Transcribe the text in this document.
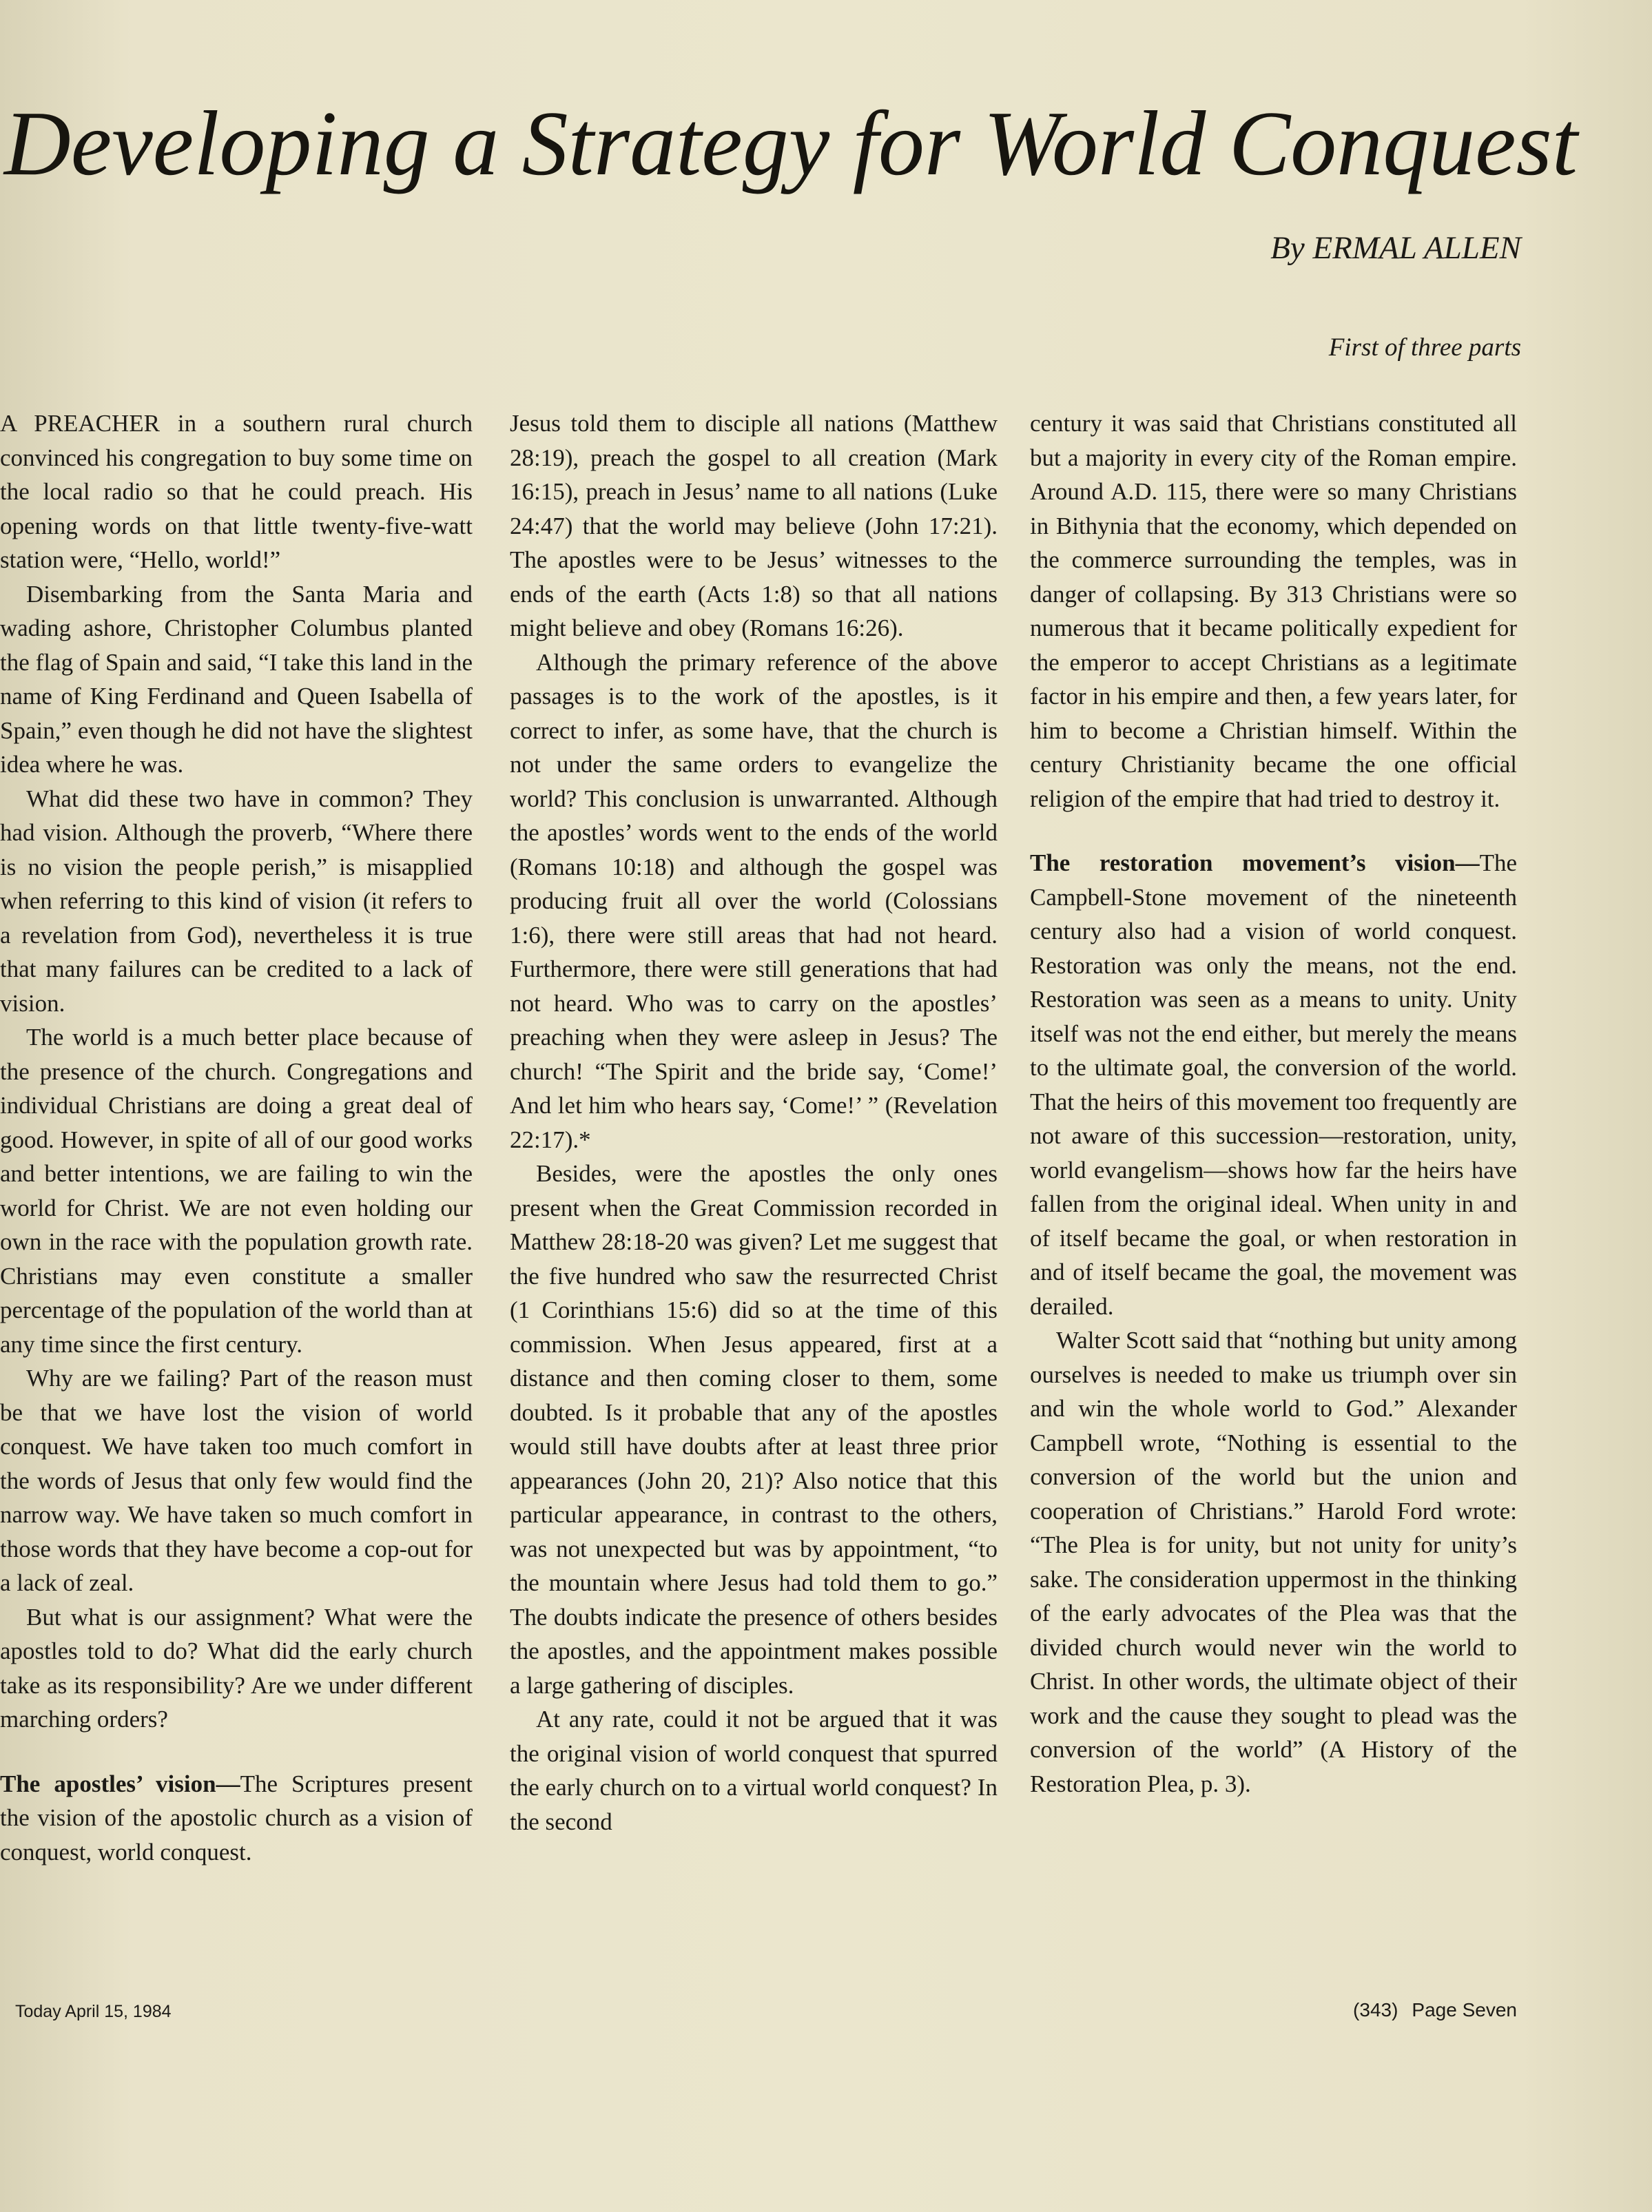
Developing a Strategy for World Conquest
By ERMAL ALLEN
First of three parts

A PREACHER in a southern rural church convinced his congregation to buy some time on the local radio so that he could preach. His opening words on that little twenty-five-watt station were, “Hello, world!”

Disembarking from the Santa Maria and wading ashore, Christopher Columbus planted the flag of Spain and said, “I take this land in the name of King Ferdinand and Queen Isabella of Spain,” even though he did not have the slightest idea where he was.

What did these two have in common? They had vision. Although the proverb, “Where there is no vision the people perish,” is misapplied when referring to this kind of vision (it refers to a revelation from God), nevertheless it is true that many failures can be credited to a lack of vision.

The world is a much better place because of the presence of the church. Congregations and individual Christians are doing a great deal of good. However, in spite of all of our good works and better intentions, we are failing to win the world for Christ. We are not even holding our own in the race with the population growth rate. Christians may even constitute a smaller percentage of the population of the world than at any time since the first century.

Why are we failing? Part of the reason must be that we have lost the vision of world conquest. We have taken too much comfort in the words of Jesus that only few would find the narrow way. We have taken so much comfort in those words that they have become a cop-out for a lack of zeal.

But what is our assignment? What were the apostles told to do? What did the early church take as its responsibility? Are we under different marching orders?

The apostles’ vision—The Scriptures present the vision of the apostolic church as a vision of conquest, world conquest.

Jesus told them to disciple all nations (Matthew 28:19), preach the gospel to all creation (Mark 16:15), preach in Jesus’ name to all nations (Luke 24:47) that the world may believe (John 17:21). The apostles were to be Jesus’ witnesses to the ends of the earth (Acts 1:8) so that all nations might believe and obey (Romans 16:26).

Although the primary reference of the above passages is to the work of the apostles, is it correct to infer, as some have, that the church is not under the same orders to evangelize the world? This conclusion is unwarranted. Although the apostles’ words went to the ends of the world (Romans 10:18) and although the gospel was producing fruit all over the world (Colossians 1:6), there were still areas that had not heard. Furthermore, there were still generations that had not heard. Who was to carry on the apostles’ preaching when they were asleep in Jesus? The church! “The Spirit and the bride say, ‘Come!’ And let him who hears say, ‘Come!’ ” (Revelation 22:17).*

Besides, were the apostles the only ones present when the Great Commission recorded in Matthew 28:18-20 was given? Let me suggest that the five hundred who saw the resurrected Christ (1 Corinthians 15:6) did so at the time of this commission. When Jesus appeared, first at a distance and then coming closer to them, some doubted. Is it probable that any of the apostles would still have doubts after at least three prior appearances (John 20, 21)? Also notice that this particular appearance, in contrast to the others, was not unexpected but was by appointment, “to the mountain where Jesus had told them to go.” The doubts indicate the presence of others besides the apostles, and the appointment makes possible a large gathering of disciples.

At any rate, could it not be argued that it was the original vision of world conquest that spurred the early church on to a virtual world conquest? In the second

century it was said that Christians constituted all but a majority in every city of the Roman empire. Around A.D. 115, there were so many Christians in Bithynia that the economy, which depended on the commerce surrounding the temples, was in danger of collapsing. By 313 Christians were so numerous that it became politically expedient for the emperor to accept Christians as a legitimate factor in his empire and then, a few years later, for him to become a Christian himself. Within the century Christianity became the one official religion of the empire that had tried to destroy it.

The restoration movement’s vision—The Campbell-Stone movement of the nineteenth century also had a vision of world conquest. Restoration was only the means, not the end. Restoration was seen as a means to unity. Unity itself was not the end either, but merely the means to the ultimate goal, the conversion of the world. That the heirs of this movement too frequently are not aware of this succession—restoration, unity, world evangelism—shows how far the heirs have fallen from the original ideal. When unity in and of itself became the goal, or when restoration in and of itself became the goal, the movement was derailed.

Walter Scott said that “nothing but unity among ourselves is needed to make us triumph over sin and win the whole world to God.” Alexander Campbell wrote, “Nothing is essential to the conversion of the world but the union and cooperation of Christians.” Harold Ford wrote: “The Plea is for unity, but not unity for unity’s sake. The consideration uppermost in the thinking of the early advocates of the Plea was that the divided church would never win the world to Christ. In other words, the ultimate object of their work and the cause they sought to plead was the conversion of the world” (A History of the Restoration Plea, p. 3).

Today April 15, 1984	(343) Page Seven
